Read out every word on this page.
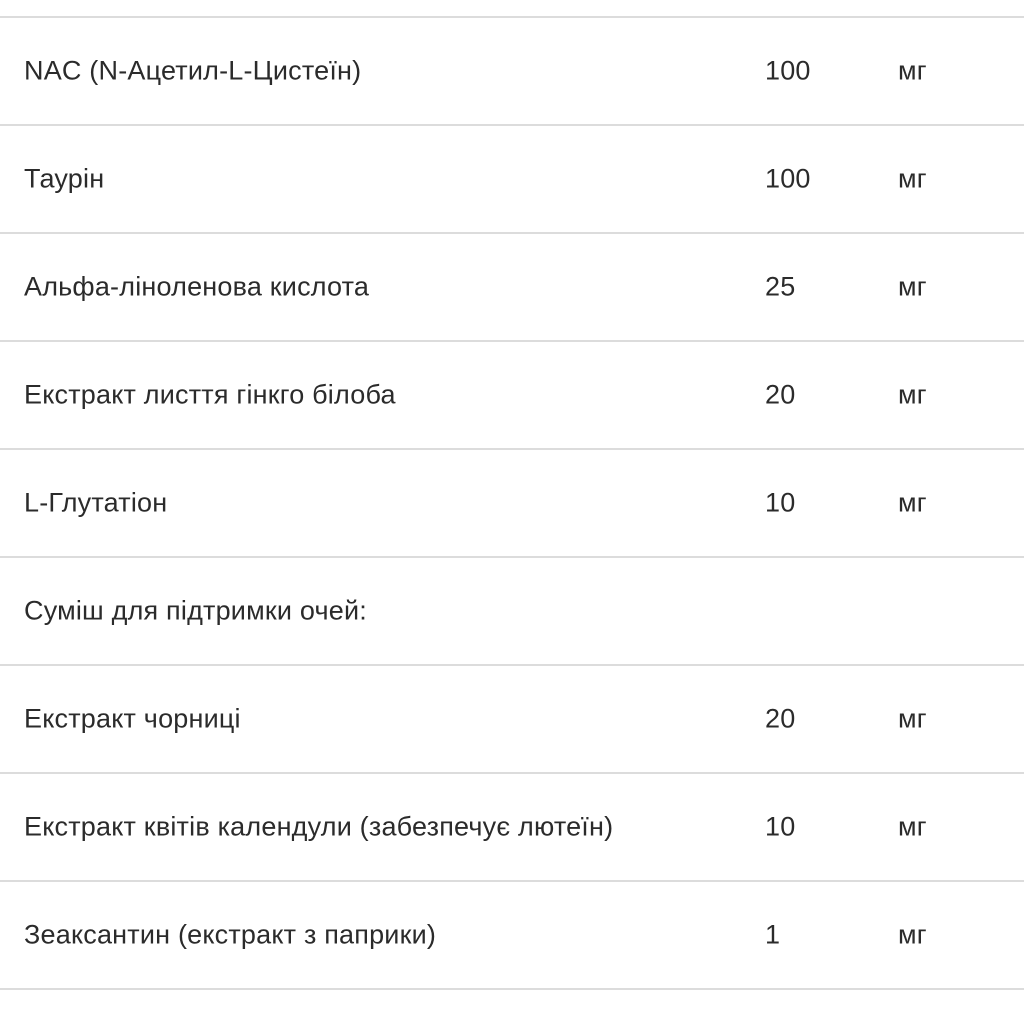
NAC (N-Ацетил-L-Цистеїн)	100	мг
Таурін	100	мг
Альфа-ліноленова кислота	25	мг
Екстракт лисття гінкго білоба	20	мг
L-Глутатіон	10	мг
Суміш для підтримки очей:
Екстракт чорниці	20	мг
Екстракт квітів календули (забезпечує лютеїн)	10	мг
Зеаксантин (екстракт з паприки)	1	мг
